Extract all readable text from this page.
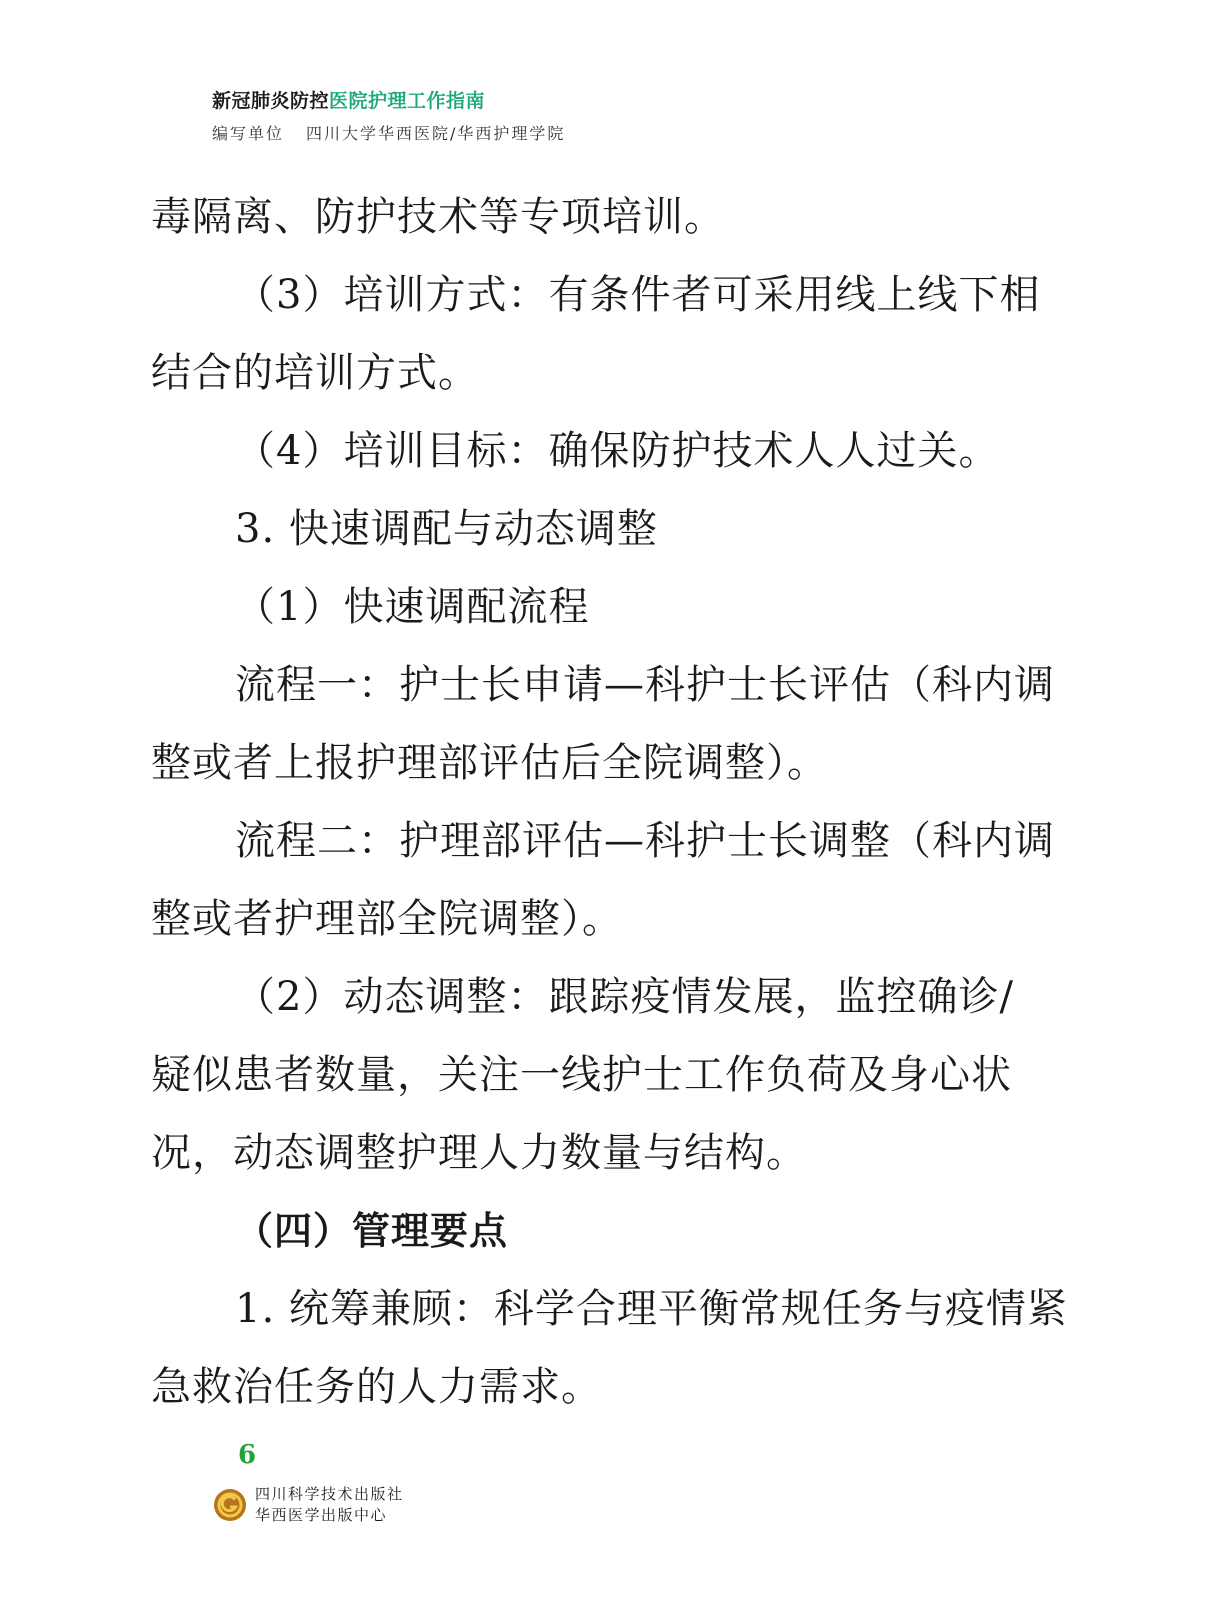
新冠肺炎防控医院护理工作指南
编写单位 四川大学华西医院/华西护理学院
毒隔离、防护技术等专项培训。
（3）培训方式：有条件者可采用线上线下相
结合的培训方式。
（4）培训目标：确保防护技术人人过关。
3. 快速调配与动态调整
（1）快速调配流程
流程一：护士长申请—科护士长评估（科内调
整或者上报护理部评估后全院调整）。
流程二：护理部评估—科护士长调整（科内调
整或者护理部全院调整）。
（2）动态调整：跟踪疫情发展，监控确诊/
疑似患者数量，关注一线护士工作负荷及身心状
况，动态调整护理人力数量与结构。
（四）管理要点
1. 统筹兼顾：科学合理平衡常规任务与疫情紧
急救治任务的人力需求。
6
四川科学技术出版社
华西医学出版中心
